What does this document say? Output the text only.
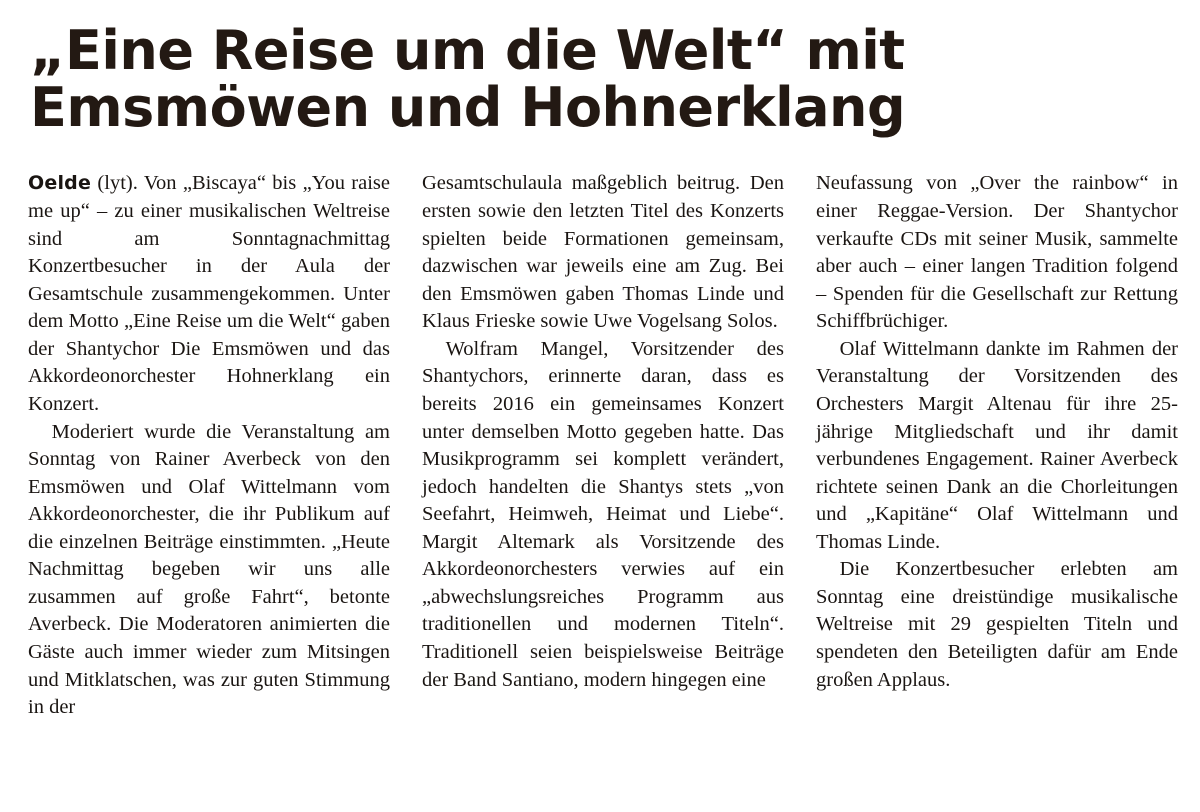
„Eine Reise um die Welt“ mit
Emsmöwen und Hohnerklang

Oelde (lyt). Von „Biscaya“ bis „You raise me up“ – zu einer musikalischen Weltreise sind am Sonntagnachmittag Konzertbesucher in der Aula der Gesamtschule zusammengekommen. Unter dem Motto „Eine Reise um die Welt“ gaben der Shantychor Die Emsmöwen und das Akkordeonorchester Hohnerklang ein Konzert.

Moderiert wurde die Veranstaltung am Sonntag von Rainer Averbeck von den Emsmöwen und Olaf Wittelmann vom Akkordeonorchester, die ihr Publikum auf die einzelnen Beiträge einstimmten. „Heute Nachmittag begeben wir uns alle zusammen auf große Fahrt“, betonte Averbeck. Die Moderatoren animierten die Gäste auch immer wieder zum Mitsingen und Mitklatschen, was zur guten Stimmung in der

Gesamtschulaula maßgeblich beitrug. Den ersten sowie den letzten Titel des Konzerts spielten beide Formationen gemeinsam, dazwischen war jeweils eine am Zug. Bei den Emsmöwen gaben Thomas Linde und Klaus Frieske sowie Uwe Vogelsang Solos.

Wolfram Mangel, Vorsitzender des Shantychors, erinnerte daran, dass es bereits 2016 ein gemeinsames Konzert unter demselben Motto gegeben hatte. Das Musikprogramm sei komplett verändert, jedoch handelten die Shantys stets „von Seefahrt, Heimweh, Heimat und Liebe“. Margit Altemark als Vorsitzende des Akkordeonorchesters verwies auf ein „abwechslungsreiches Programm aus traditionellen und modernen Titeln“. Traditionell seien beispielsweise Beiträge der Band Santiano, modern hingegen eine

Neufassung von „Over the rainbow“ in einer Reggae-Version. Der Shantychor verkaufte CDs mit seiner Musik, sammelte aber auch – einer langen Tradition folgend – Spenden für die Gesellschaft zur Rettung Schiffbrüchiger.

Olaf Wittelmann dankte im Rahmen der Veranstaltung der Vorsitzenden des Orchesters Margit Altenau für ihre 25-jährige Mitgliedschaft und ihr damit verbundenes Engagement. Rainer Averbeck richtete seinen Dank an die Chorleitungen und „Kapitäne“ Olaf Wittelmann und Thomas Linde.

Die Konzertbesucher erlebten am Sonntag eine dreistündige musikalische Weltreise mit 29 gespielten Titeln und spendeten den Beteiligten dafür am Ende großen Applaus.
